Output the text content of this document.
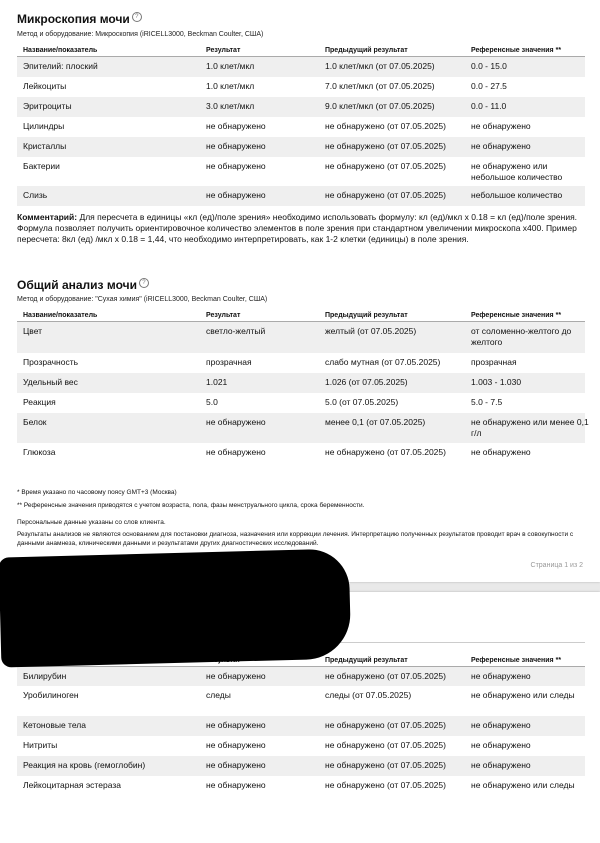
Микроскопия мочи ?
Метод и оборудование: Микроскопия (iRICELL3000, Beckman Coulter, США)
Название/показатель	Результат	Предыдущий результат	Референсные значения **
Эпителий: плоский	1.0 клет/мкл	1.0 клет/мкл (от 07.05.2025)	0.0 - 15.0
Лейкоциты	1.0 клет/мкл	7.0 клет/мкл (от 07.05.2025)	0.0 - 27.5
Эритроциты	3.0 клет/мкл	9.0 клет/мкл (от 07.05.2025)	0.0 - 11.0
Цилиндры	не обнаружено	не обнаружено (от 07.05.2025)	не обнаружено
Кристаллы	не обнаружено	не обнаружено (от 07.05.2025)	не обнаружено
Бактерии	не обнаружено	не обнаружено (от 07.05.2025)	не обнаружено или небольшое количество
Слизь	не обнаружено	не обнаружено (от 07.05.2025)	небольшое количество
Комментарий: Для пересчета в единицы «кл (ед)/поле зрения» необходимо использовать формулу: кл (ед)/мкл х 0.18 = кл (ед)/поле зрения. Формула позволяет получить ориентировочное количество элементов в поле зрения при стандартном увеличении микроскопа х400. Пример пересчета: 8кл (ед) /мкл х 0.18 = 1,44, что необходимо интерпретировать, как 1-2 клетки (единицы) в поле зрения.
Общий анализ мочи ?
Метод и оборудование: "Сухая химия" (iRICELL3000, Beckman Coulter, США)
Название/показатель	Результат	Предыдущий результат	Референсные значения **
Цвет	светло-желтый	желтый (от 07.05.2025)	от соломенно-желтого до желтого
Прозрачность	прозрачная	слабо мутная (от 07.05.2025)	прозрачная
Удельный вес	1.021	1.026 (от 07.05.2025)	1.003 - 1.030
Реакция	5.0	5.0 (от 07.05.2025)	5.0 - 7.5
Белок	не обнаружено	менее 0,1 (от 07.05.2025)	не обнаружено или менее 0,1 г/л
Глюкоза	не обнаружено	не обнаружено (от 07.05.2025)	не обнаружено
* Время указано по часовому поясу GMT+3 (Москва)
** Референсные значения приводятся с учетом возраста, пола, фазы менструального цикла, срока беременности.
Персональные данные указаны со слов клиента.
Результаты анализов не являются основанием для постановки диагноза, назначения или коррекции лечения. Интерпретацию полученных результатов проводит врач в совокупности с данными анамнеза, клиническими данными и результатами других диагностических исследований.
Страница 1 из 2
Предыдущий результат	Референсные значения **
Билирубин	не обнаружено	не обнаружено (от 07.05.2025)	не обнаружено
Уробилиноген	следы	следы (от 07.05.2025)	не обнаружено или следы
Кетоновые тела	не обнаружено	не обнаружено (от 07.05.2025)	не обнаружено
Нитриты	не обнаружено	не обнаружено (от 07.05.2025)	не обнаружено
Реакция на кровь (гемоглобин)	не обнаружено	не обнаружено (от 07.05.2025)	не обнаружено
Лейкоцитарная эстераза	не обнаружено	не обнаружено (от 07.05.2025)	не обнаружено или следы
